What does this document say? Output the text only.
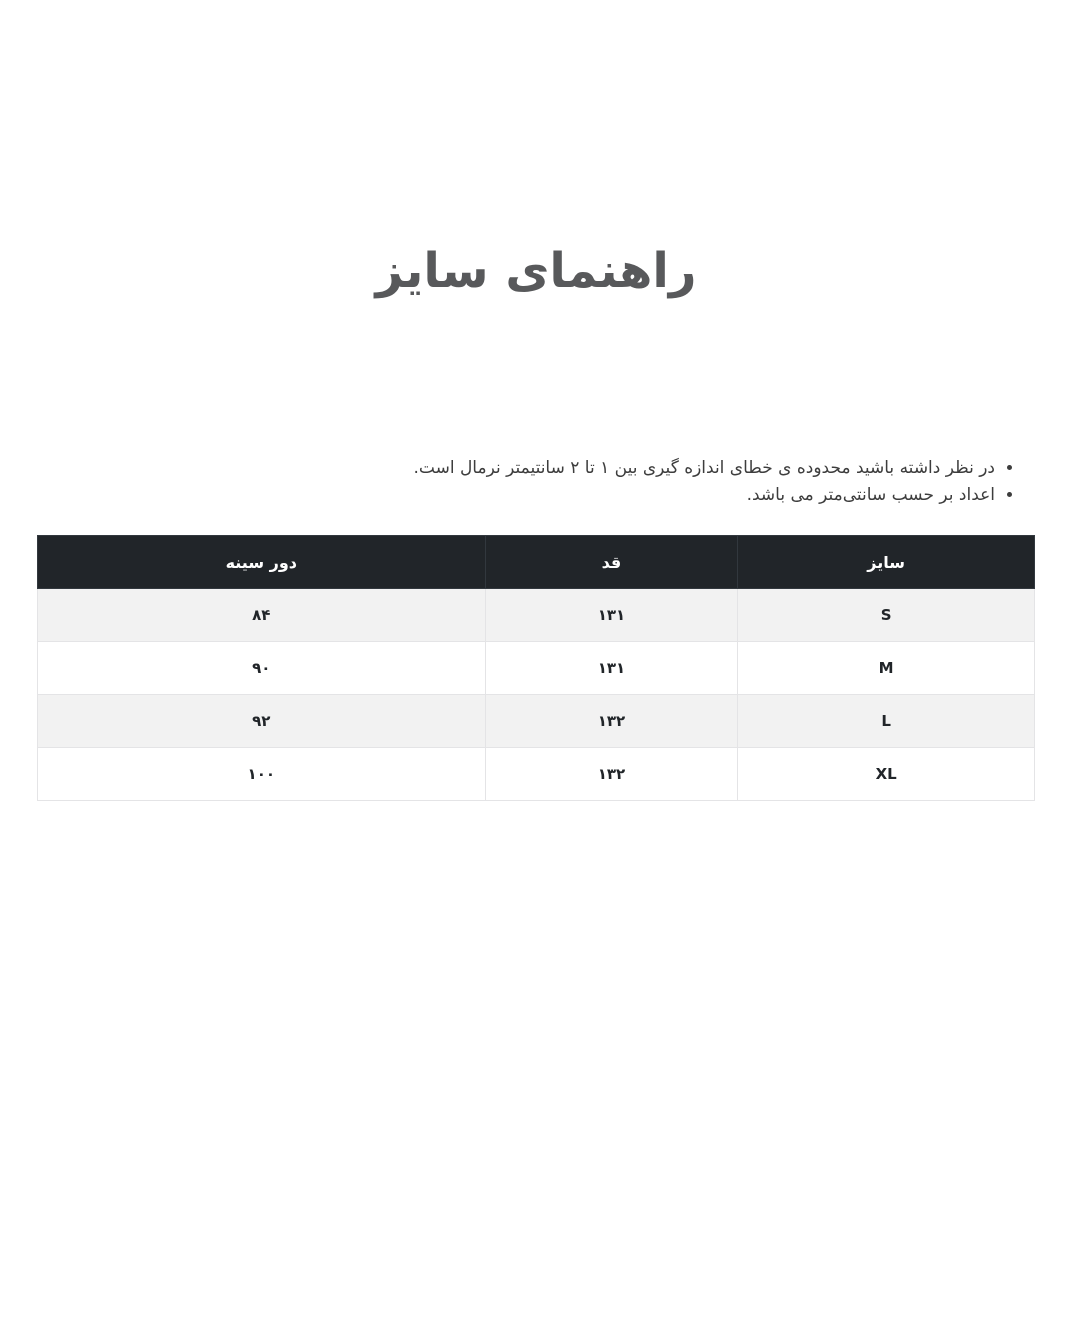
راهنمای سایز
• در نظر داشته باشید محدوده ی خطای اندازه گیری بین ۱ تا ۲ سانتیمتر نرمال است.
• اعداد بر حسب سانتی‌متر می باشد.
سایز	قد	دور سینه
S	۱۳۱	۸۴
M	۱۳۱	۹۰
L	۱۳۲	۹۲
XL	۱۳۲	۱۰۰
